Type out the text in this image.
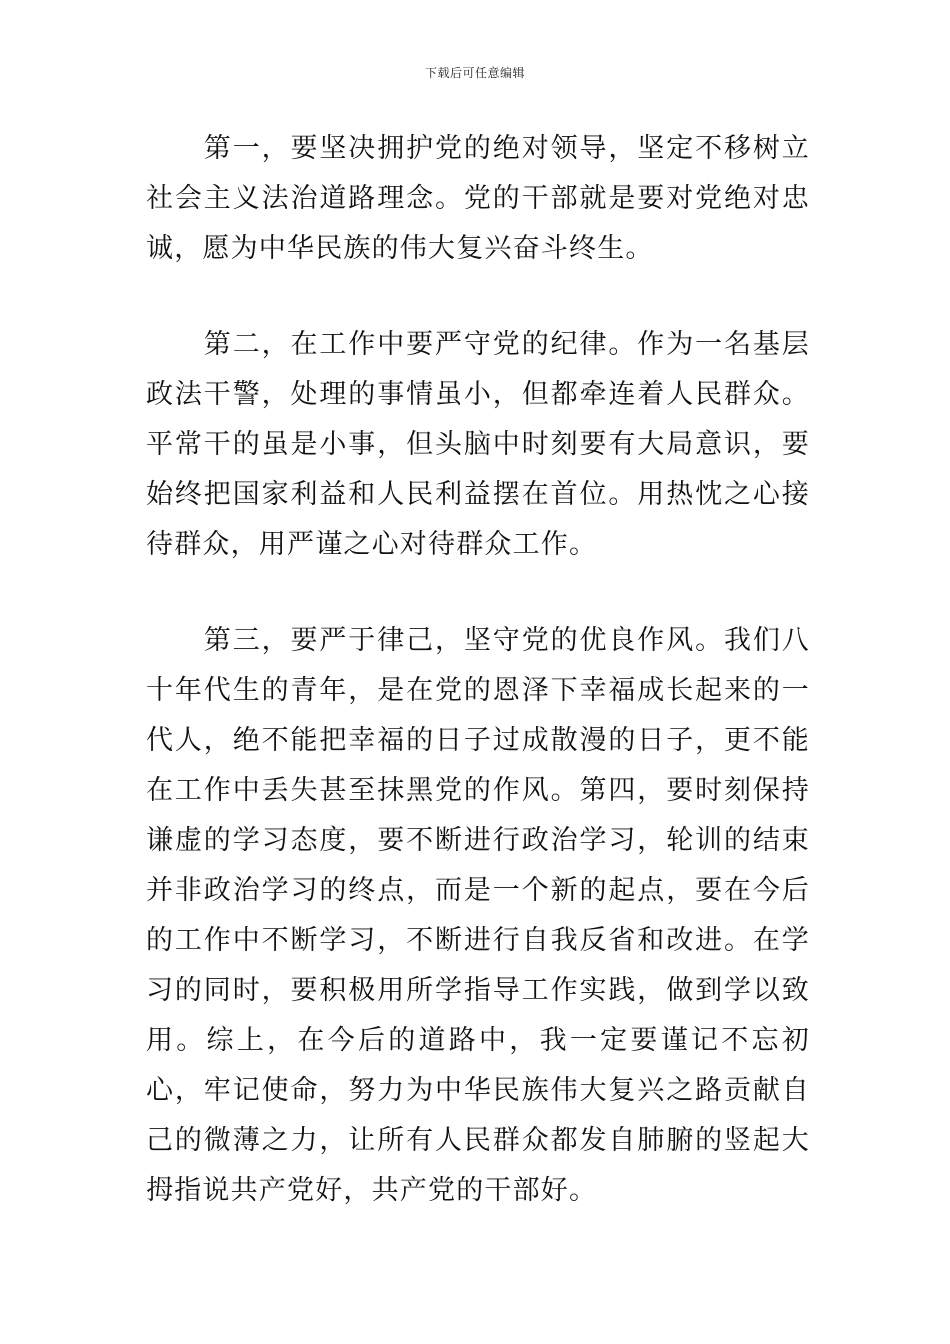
下载后可任意编辑

　　第一，要坚决拥护党的绝对领导，坚定不移树立社会主义法治道路理念。党的干部就是要对党绝对忠诚，愿为中华民族的伟大复兴奋斗终生。

　　第二，在工作中要严守党的纪律。作为一名基层政法干警，处理的事情虽小，但都牵连着人民群众。平常干的虽是小事，但头脑中时刻要有大局意识，要始终把国家利益和人民利益摆在首位。用热忱之心接待群众，用严谨之心对待群众工作。

　　第三，要严于律己，坚守党的优良作风。我们八十年代生的青年，是在党的恩泽下幸福成长起来的一代人，绝不能把幸福的日子过成散漫的日子，更不能在工作中丢失甚至抹黑党的作风。第四，要时刻保持谦虚的学习态度，要不断进行政治学习，轮训的结束并非政治学习的终点，而是一个新的起点，要在今后的工作中不断学习，不断进行自我反省和改进。在学习的同时，要积极用所学指导工作实践，做到学以致用。综上，在今后的道路中，我一定要谨记不忘初心，牢记使命，努力为中华民族伟大复兴之路贡献自己的微薄之力，让所有人民群众都发自肺腑的竖起大拇指说共产党好，共产党的干部好。
